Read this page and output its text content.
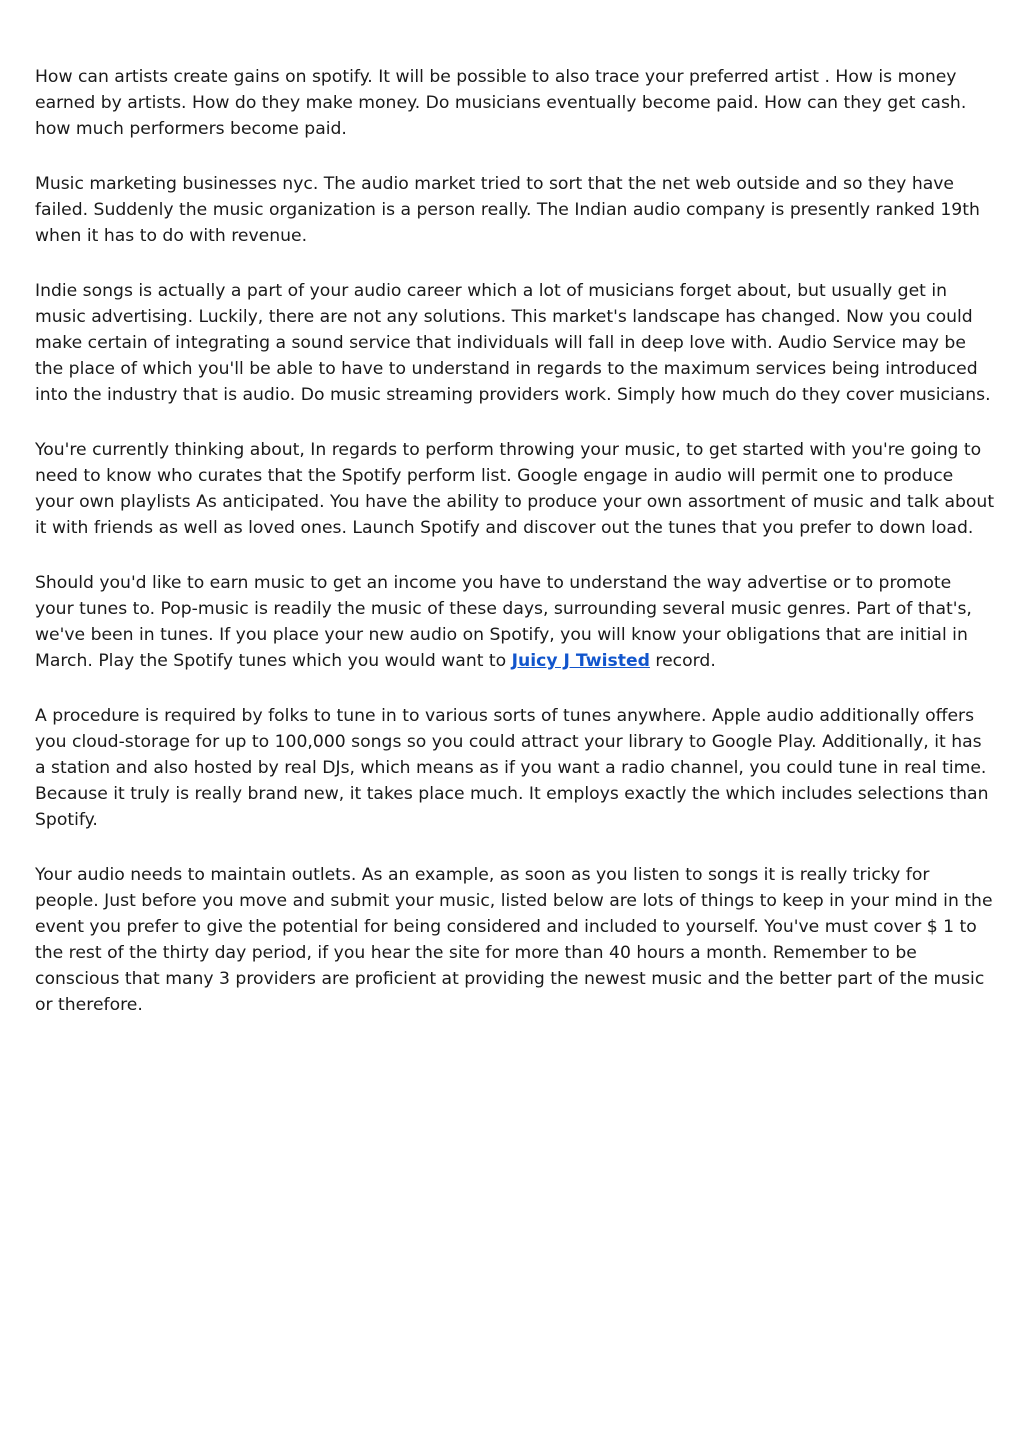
How can artists create gains on spotify. It will be possible to also trace your preferred artist . How is money earned by artists. How do they make money. Do musicians eventually become paid. How can they get cash. how much performers become paid.

Music marketing businesses nyc. The audio market tried to sort that the net web outside and so they have failed. Suddenly the music organization is a person really. The Indian audio company is presently ranked 19th when it has to do with revenue.

Indie songs is actually a part of your audio career which a lot of musicians forget about, but usually get in music advertising. Luckily, there are not any solutions. This market's landscape has changed. Now you could make certain of integrating a sound service that individuals will fall in deep love with. Audio Service may be the place of which you'll be able to have to understand in regards to the maximum services being introduced into the industry that is audio. Do music streaming providers work. Simply how much do they cover musicians.

You're currently thinking about, In regards to perform throwing your music, to get started with you're going to need to know who curates that the Spotify perform list. Google engage in audio will permit one to produce your own playlists As anticipated. You have the ability to produce your own assortment of music and talk about it with friends as well as loved ones. Launch Spotify and discover out the tunes that you prefer to down load.

Should you'd like to earn music to get an income you have to understand the way advertise or to promote your tunes to. Pop-music is readily the music of these days, surrounding several music genres. Part of that's, we've been in tunes. If you place your new audio on Spotify, you will know your obligations that are initial in March. Play the Spotify tunes which you would want to Juicy J Twisted record.

A procedure is required by folks to tune in to various sorts of tunes anywhere. Apple audio additionally offers you cloud-storage for up to 100,000 songs so you could attract your library to Google Play. Additionally, it has a station and also hosted by real DJs, which means as if you want a radio channel, you could tune in real time. Because it truly is really brand new, it takes place much. It employs exactly the which includes selections than Spotify.

Your audio needs to maintain outlets. As an example, as soon as you listen to songs it is really tricky for people. Just before you move and submit your music, listed below are lots of things to keep in your mind in the event you prefer to give the potential for being considered and included to yourself. You've must cover $ 1 to the rest of the thirty day period, if you hear the site for more than 40 hours a month. Remember to be conscious that many 3 providers are proficient at providing the newest music and the better part of the music or therefore.
